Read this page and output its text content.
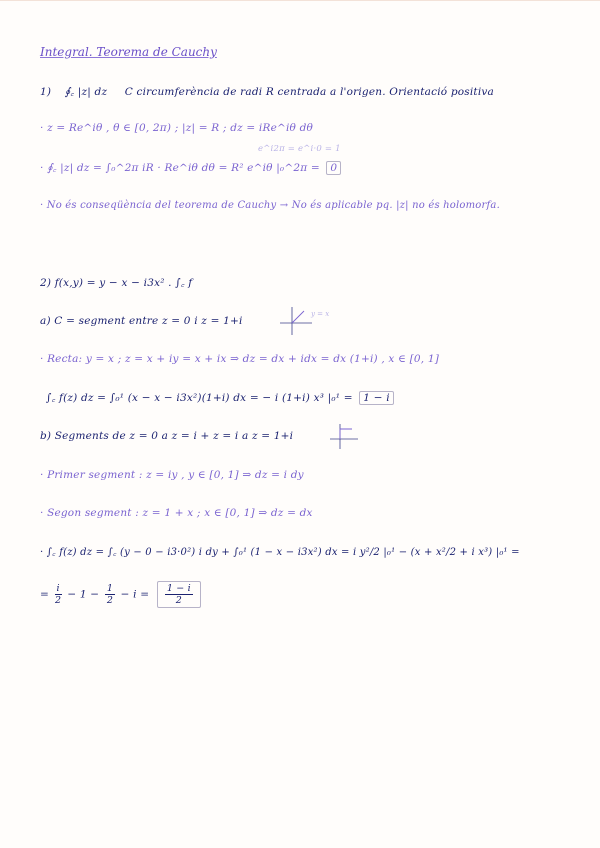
Integral. Teorema de Cauchy
1) ∮꜀ |z| dz C circumferència de radi R centrada a l'origen. Orientació positiva
· z = Re^iθ , θ ∈ [0, 2π) ; |z| = R ; dz = iRe^iθ dθ
e^i2π = e^i·0 = 1
· ∮꜀ |z| dz = ∫₀^2π iR · Re^iθ dθ = R² e^iθ |₀^2π = 0
· No és conseqüència del teorema de Cauchy → No és aplicable pq. |z| no és holomorfa.
2) f(x,y) = y − x − i3x² . ∫꜀ f
a) C = segment entre z = 0 i z = 1+i
y = x
· Recta: y = x ; z = x + iy = x + ix ⇒ dz = dx + idx = dx (1+i) , x ∈ [0, 1]
∫꜀ f(z) dz = ∫₀¹ (x − x − i3x²)(1+i) dx = − i (1+i) x³ |₀¹ = 1 − i
b) Segments de z = 0 a z = i + z = i a z = 1+i
· Primer segment : z = iy , y ∈ [0, 1] ⇒ dz = i dy
· Segon segment : z = 1 + x ; x ∈ [0, 1] ⇒ dz = dx
· ∫꜀ f(z) dz = ∫꜀ (y − 0 − i3·0²) i dy + ∫₀¹ (1 − x − i3x²) dx = i y²/2 |₀¹ − (x + x²/2 + i x³) |₀¹ =
= $\frac{i}{2} - 1 - \frac{1}{2} - i = \frac{1 - i}{2}$
